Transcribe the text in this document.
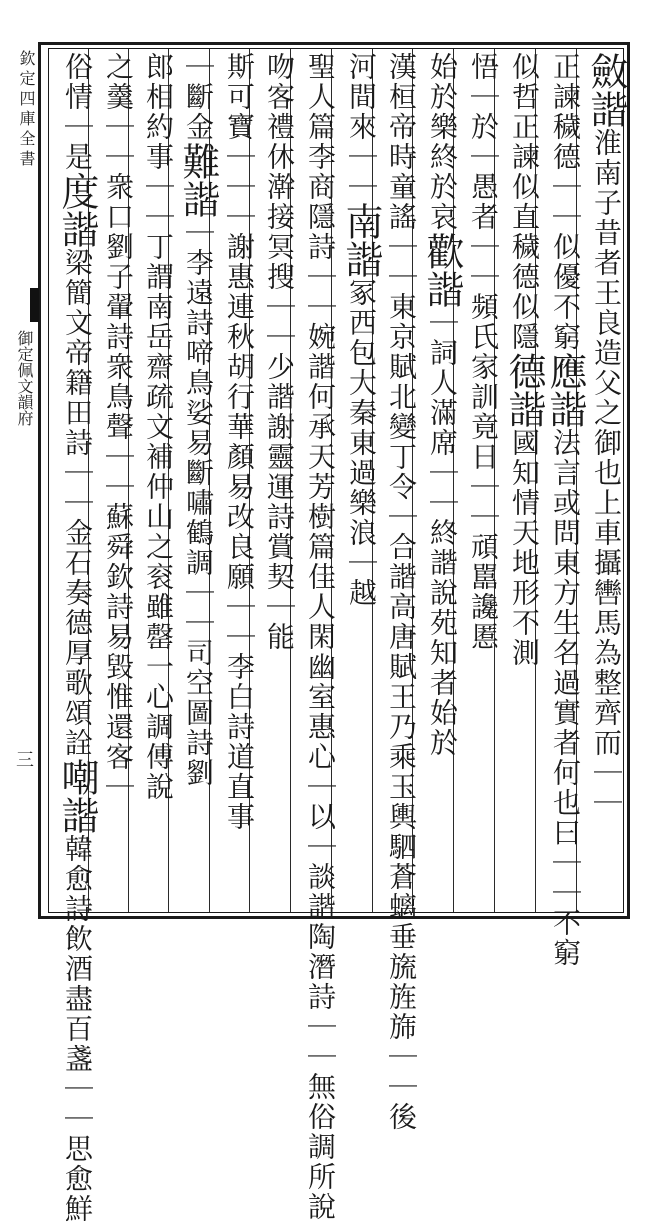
欽定四庫全書
御定佩文韻府
三
斂諧淮南子昔者王良造父之御也上車攝轡馬為整齊而｜｜
正諫穢德｜｜似優不窮應諧法言或問東方生名過實者何也曰｜｜不窮
似哲正諫似直穢德似隱德諧國知情天地形不測
悟｜於｜愚者｜｜頻氏家訓竟日｜｜頑嚚讒慝
始於樂終於哀歡諧｜詞人滿席｜｜終諧說苑知者始於
漢桓帝時童謠｜｜東京賦北變丁令｜合諧高唐賦王乃乘玉輿駟蒼螭垂旒旌旆｜｜後
河間來｜｜南諧冢西包大秦東過樂浪｜越
聖人篇李商隱詩｜｜婉諧何承天芳樹篇佳人閑幽室惠心｜以｜談諧陶潛詩｜｜無俗調所說
吻客禮休澣接冥搜｜｜少諧謝靈運詩賞契｜能
斯可寶｜｜｜謝惠連秋胡行華顏易改良願｜｜李白詩道直事
｜斷金難諧｜李遠詩啼鳥娑易斷嘯鶴調｜｜司空圖詩劉
郎相約事｜｜丁謂南岳齋疏文補仲山之衮雖罄一心調傅說
之羹｜｜衆口劉子翬詩衆鳥聲｜｜蘇舜欽詩易毀惟還客｜
俗情｜是度諧梁簡文帝籍田詩｜｜金石奏德厚歌頌詮嘲諧韓愈詩飲酒盡百盞｜｜思愈鮮
